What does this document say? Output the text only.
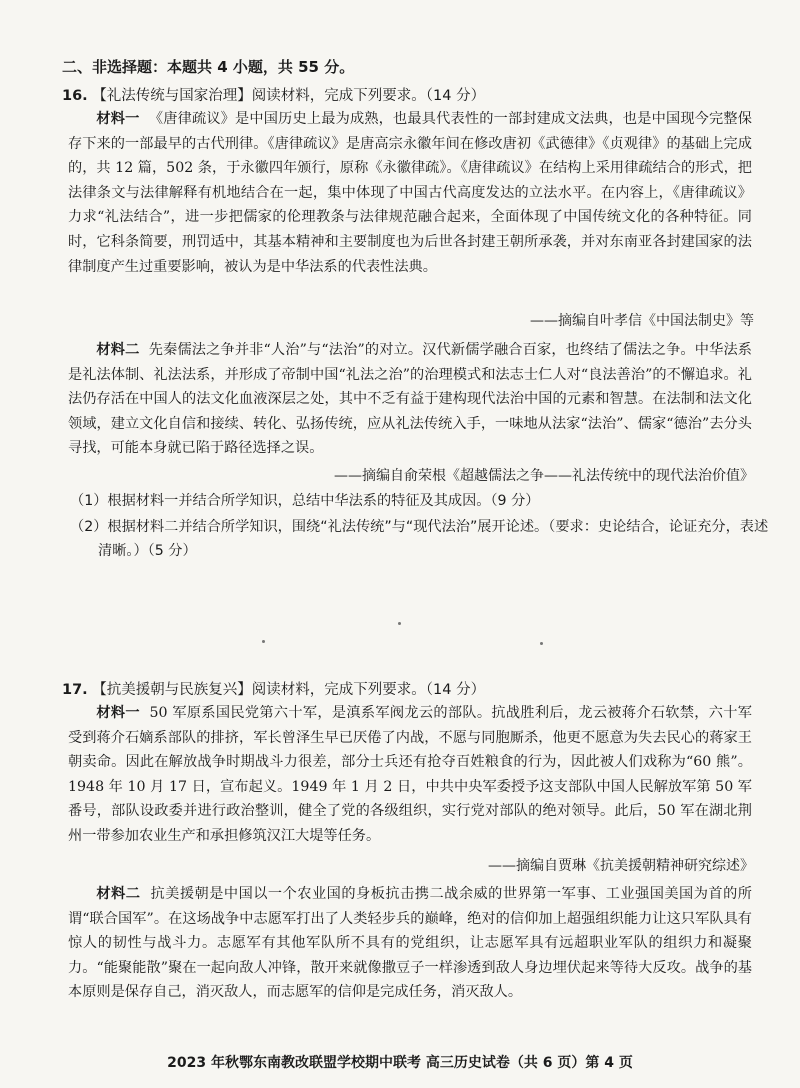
二、非选择题：本题共 4 小题，共 55 分。
16. 【礼法传统与国家治理】阅读材料，完成下列要求。（14 分）
材料一 《唐律疏议》是中国历史上最为成熟，也最具代表性的一部封建成文法典，也是中国现今完整保存下来的一部最早的古代刑律。《唐律疏议》是唐高宗永徽年间在修改唐初《武德律》《贞观律》的基础上完成的，共 12 篇，502 条，于永徽四年颁行，原称《永徽律疏》。《唐律疏议》在结构上采用律疏结合的形式，把法律条文与法律解释有机地结合在一起，集中体现了中国古代高度发达的立法水平。在内容上，《唐律疏议》力求“礼法结合”，进一步把儒家的伦理教条与法律规范融合起来，全面体现了中国传统文化的各种特征。同时，它科条简要，刑罚适中，其基本精神和主要制度也为后世各封建王朝所承袭，并对东南亚各封建国家的法律制度产生过重要影响，被认为是中华法系的代表性法典。
——摘编自叶孝信《中国法制史》等
材料二 先秦儒法之争并非“人治”与“法治”的对立。汉代新儒学融合百家，也终结了儒法之争。中华法系是礼法体制、礼法法系，并形成了帝制中国“礼法之治”的治理模式和法志士仁人对“良法善治”的不懈追求。礼法仍存活在中国人的法文化血液深层之处，其中不乏有益于建构现代法治中国的元素和智慧。在法制和法文化领域，建立文化自信和接续、转化、弘扬传统，应从礼法传统入手，一味地从法家“法治”、儒家“德治”去分头寻找，可能本身就已陷于路径选择之误。
——摘编自俞荣根《超越儒法之争——礼法传统中的现代法治价值》
（1）根据材料一并结合所学知识，总结中华法系的特征及其成因。（9 分）
（2）根据材料二并结合所学知识，围绕“礼法传统”与“现代法治”展开论述。（要求：史论结合，论证充分，表述清晰。）（5 分）
17. 【抗美援朝与民族复兴】阅读材料，完成下列要求。（14 分）
材料一 50 军原系国民党第六十军，是滇系军阀龙云的部队。抗战胜利后，龙云被蒋介石软禁，六十军受到蒋介石嫡系部队的排挤，军长曾泽生早已厌倦了内战，不愿与同胞厮杀，他更不愿意为失去民心的蒋家王朝卖命。因此在解放战争时期战斗力很差，部分士兵还有抢夺百姓粮食的行为，因此被人们戏称为“60 熊”。1948 年 10 月 17 日，宣布起义。1949 年 1 月 2 日，中共中央军委授予这支部队中国人民解放军第 50 军番号，部队设政委并进行政治整训，健全了党的各级组织，实行党对部队的绝对领导。此后，50 军在湖北荆州一带参加农业生产和承担修筑汉江大堤等任务。
——摘编自贾琳《抗美援朝精神研究综述》
材料二 抗美援朝是中国以一个农业国的身板抗击携二战余威的世界第一军事、工业强国美国为首的所谓“联合国军”。在这场战争中志愿军打出了人类轻步兵的巅峰，绝对的信仰加上超强组织能力让这只军队具有惊人的韧性与战斗力。志愿军有其他军队所不具有的党组织，让志愿军具有远超职业军队的组织力和凝聚力。“能聚能散”聚在一起向敌人冲锋，散开来就像撒豆子一样渗透到敌人身边埋伏起来等待大反攻。战争的基本原则是保存自己，消灭敌人，而志愿军的信仰是完成任务，消灭敌人。
2023 年秋鄂东南教改联盟学校期中联考 高三历史试卷（共 6 页）第 4 页
